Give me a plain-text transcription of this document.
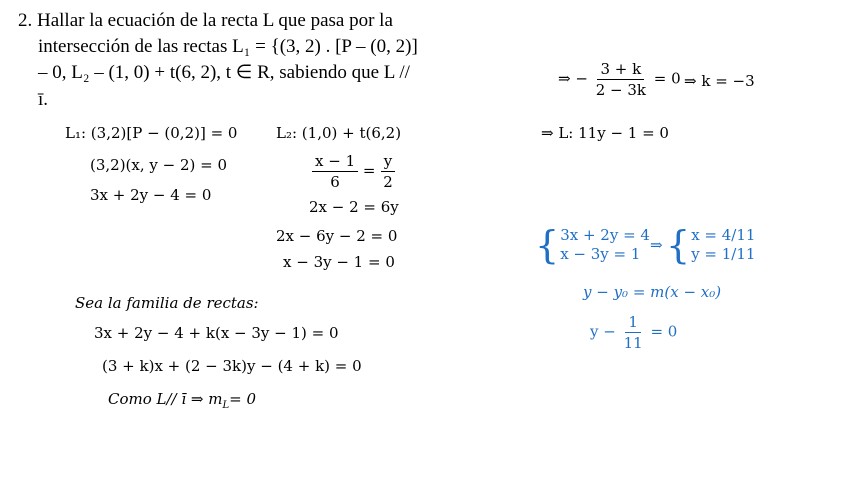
2. Hallar la ecuación de la recta L que pasa por la
intersección de las rectas L₁ = {(3, 2) . [P – (0, 2)]
– 0, L₂ – (1, 0) + t(6, 2), t ∈ R, sabiendo que L //
ī.
L₁: (3,2)[P − (0,2)] = 0
(3,2)(x, y − 2) = 0
3x + 2y − 4 = 0
L₂: (1,0) + t(6,2)
$\frac{x - 1}{6} = \frac{y}{2}$
2x − 2 = 6y
2x − 6y − 2 = 0
x − 3y − 1 = 0
Sea la familia de rectas:
3x + 2y − 4 + k(x − 3y − 1) = 0
(3 + k)x + (2 − 3k)y − (4 + k) = 0
Como L// ī ⇒ $m_L= 0$
⇒ − $\frac{3 + k}{2 - 3k} = 0$ ⇒ k = −3
⇒ L: 11y − 1 = 0
{ 3x + 2y = 4
x − 3y = 1 ⇒ { x = 4/11
y = 1/11
y − y₀ = m(x − x₀)
$y - \frac{1}{11} = 0$
